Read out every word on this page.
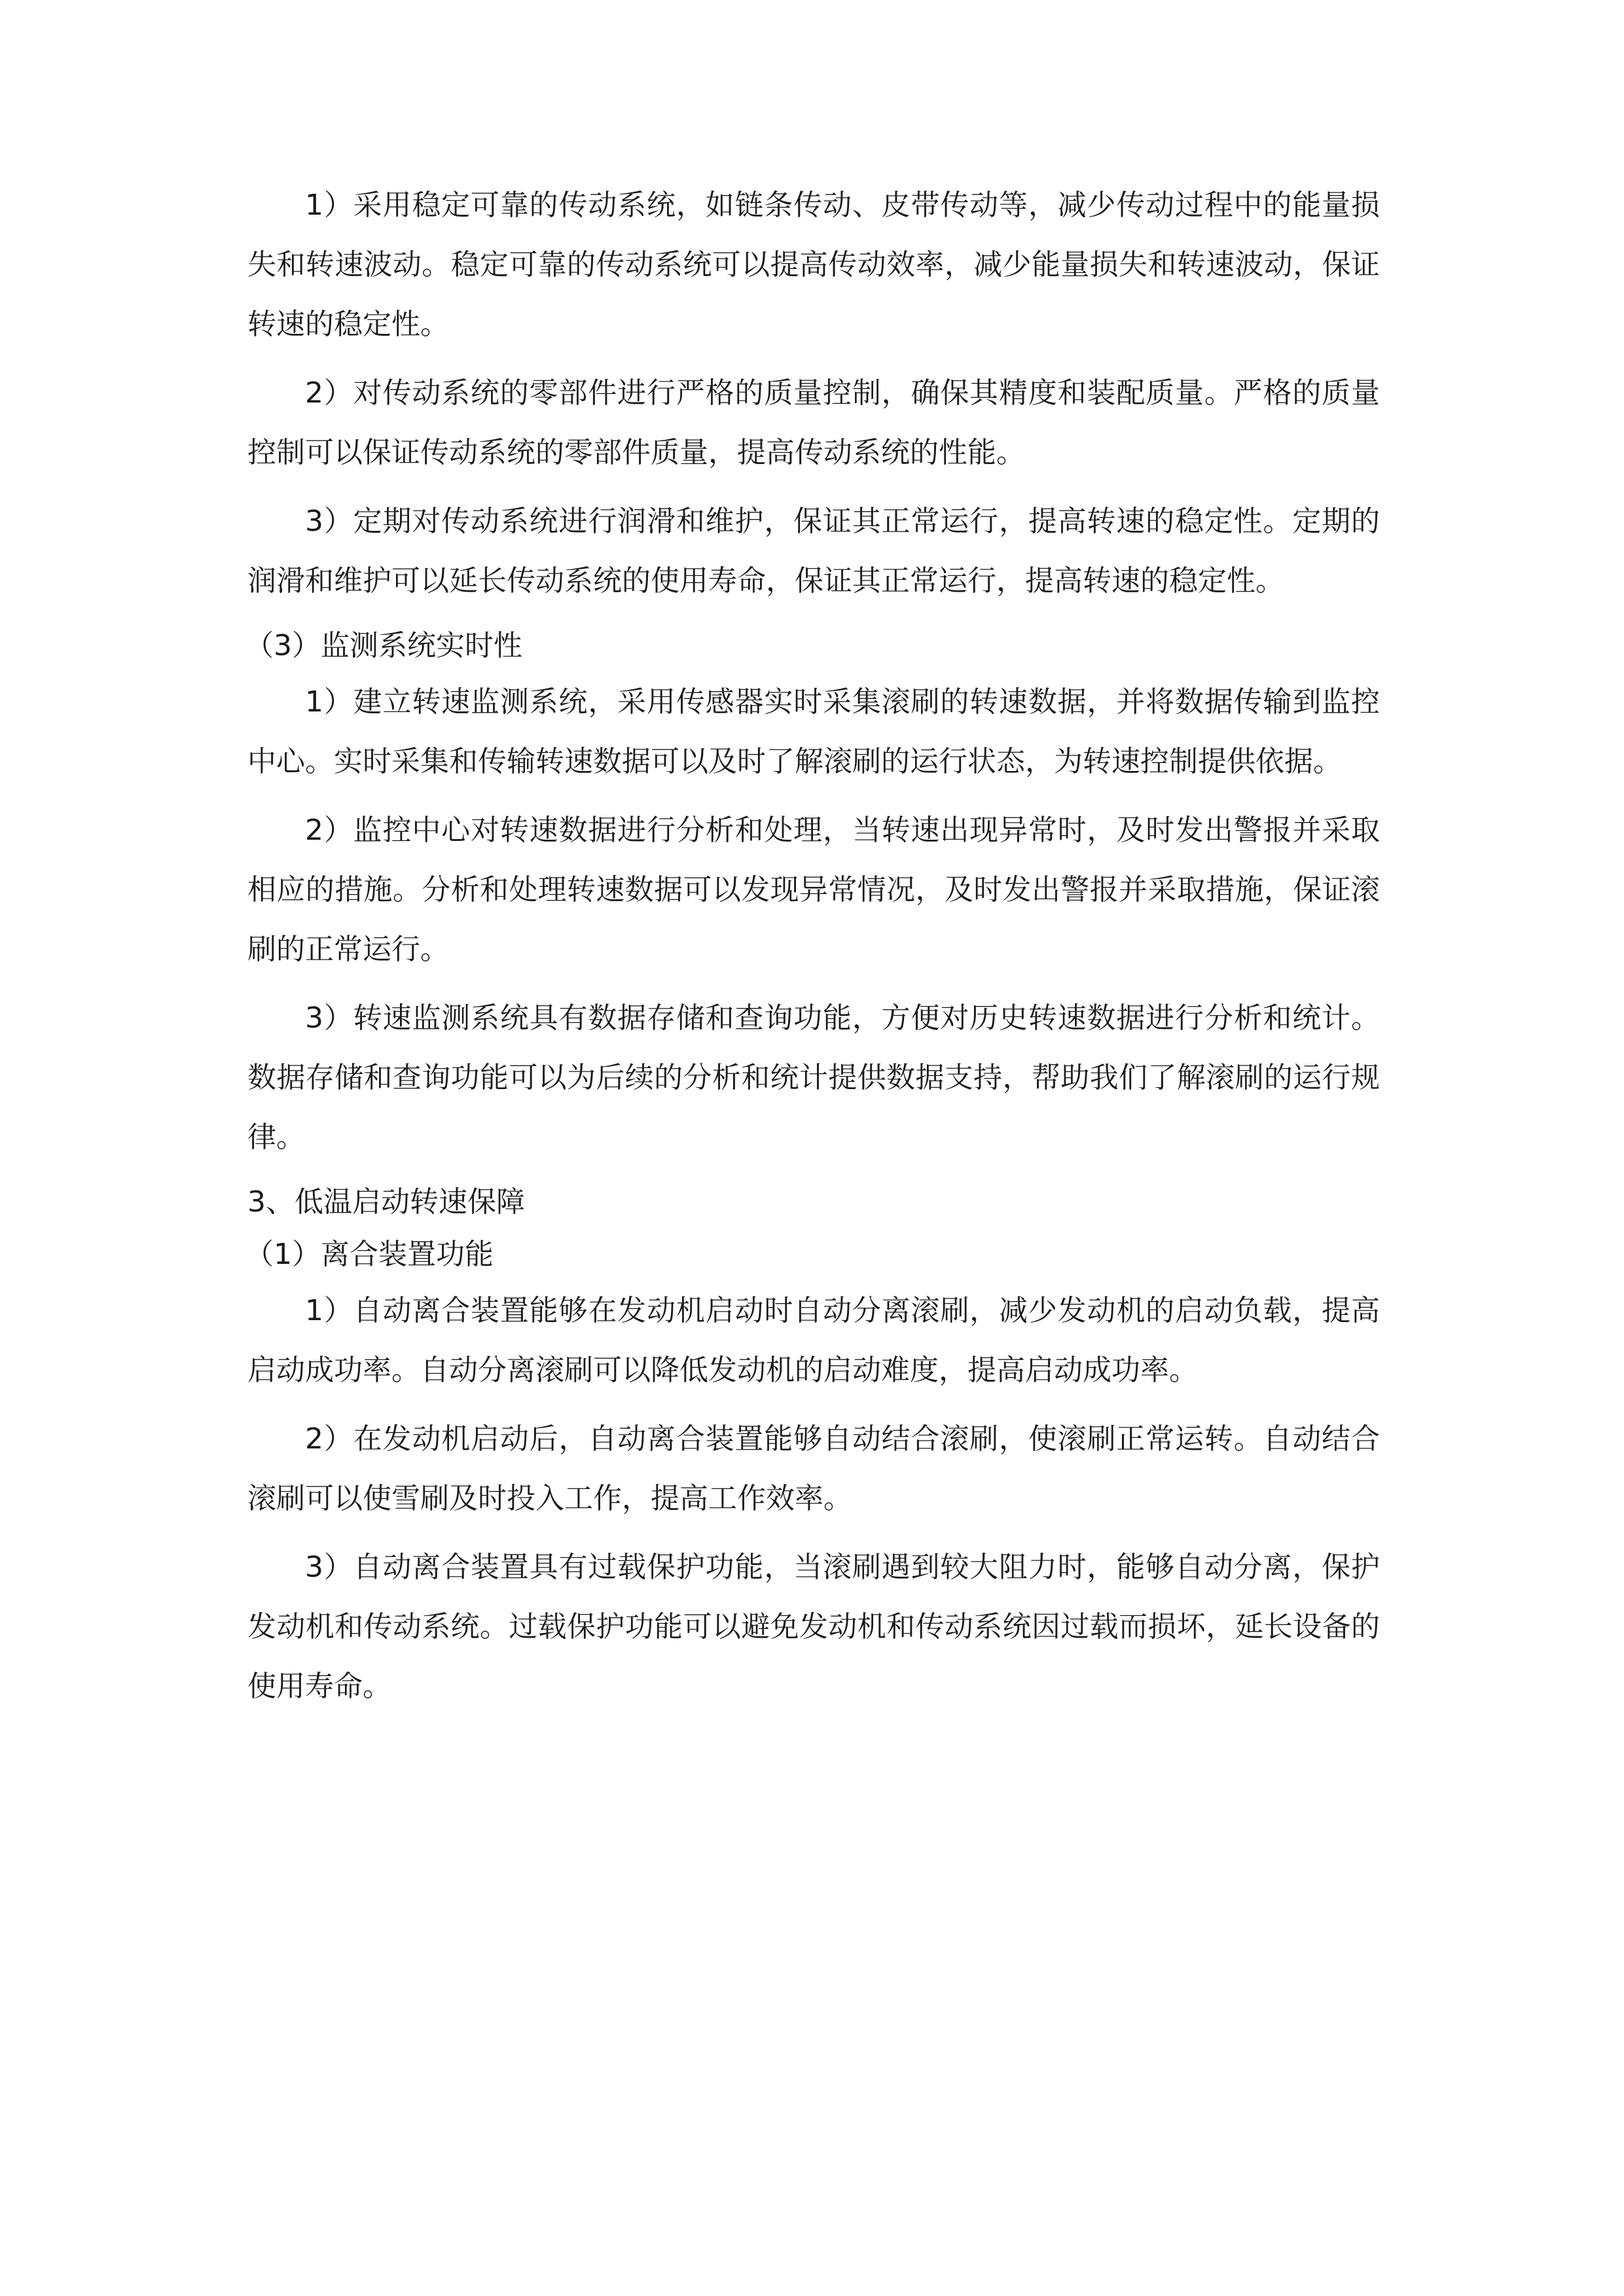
1）采用稳定可靠的传动系统，如链条传动、皮带传动等，减少传动过程中的能量损失和转速波动。稳定可靠的传动系统可以提高传动效率，减少能量损失和转速波动，保证转速的稳定性。

2）对传动系统的零部件进行严格的质量控制，确保其精度和装配质量。严格的质量控制可以保证传动系统的零部件质量，提高传动系统的性能。

3）定期对传动系统进行润滑和维护，保证其正常运行，提高转速的稳定性。定期的润滑和维护可以延长传动系统的使用寿命，保证其正常运行，提高转速的稳定性。

（3）监测系统实时性

1）建立转速监测系统，采用传感器实时采集滚刷的转速数据，并将数据传输到监控中心。实时采集和传输转速数据可以及时了解滚刷的运行状态，为转速控制提供依据。

2）监控中心对转速数据进行分析和处理，当转速出现异常时，及时发出警报并采取相应的措施。分析和处理转速数据可以发现异常情况，及时发出警报并采取措施，保证滚刷的正常运行。

3）转速监测系统具有数据存储和查询功能，方便对历史转速数据进行分析和统计。数据存储和查询功能可以为后续的分析和统计提供数据支持，帮助我们了解滚刷的运行规律。

3、低温启动转速保障

（1）离合装置功能

1）自动离合装置能够在发动机启动时自动分离滚刷，减少发动机的启动负载，提高启动成功率。自动分离滚刷可以降低发动机的启动难度，提高启动成功率。

2）在发动机启动后，自动离合装置能够自动结合滚刷，使滚刷正常运转。自动结合滚刷可以使雪刷及时投入工作，提高工作效率。

3）自动离合装置具有过载保护功能，当滚刷遇到较大阻力时，能够自动分离，保护发动机和传动系统。过载保护功能可以避免发动机和传动系统因过载而损坏，延长设备的使用寿命。
